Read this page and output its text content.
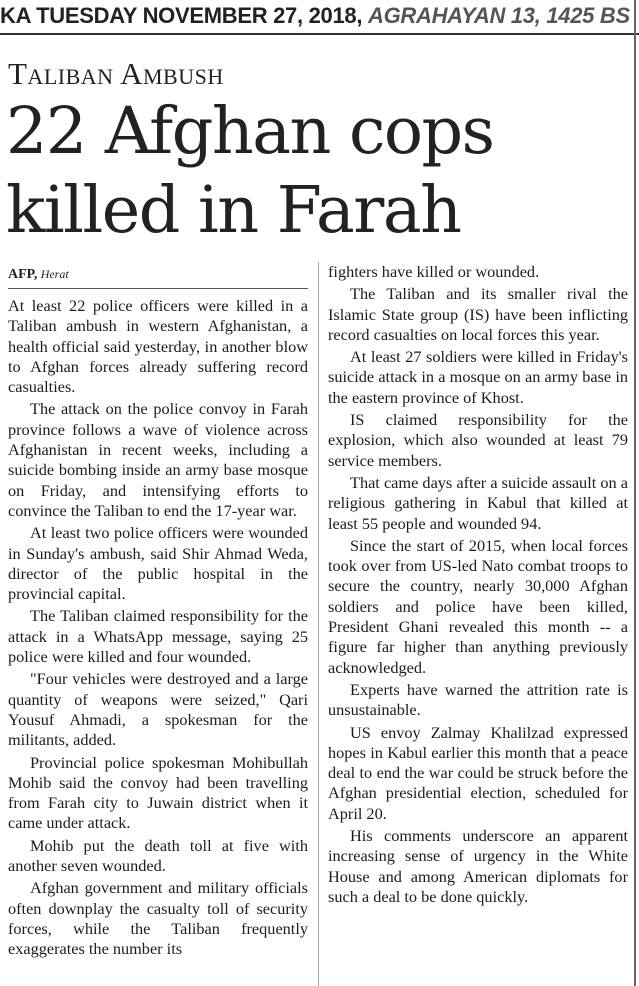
KA TUESDAY NOVEMBER 27, 2018, AGRAHAYAN 13, 1425 BS
Taliban Ambush
22 Afghan cops killed in Farah
AFP, Herat

At least 22 police officers were killed in a Taliban ambush in western Afghanistan, a health official said yesterday, in another blow to Afghan forces already suffering record casualties.

The attack on the police convoy in Farah province follows a wave of violence across Afghanistan in recent weeks, including a suicide bombing inside an army base mosque on Friday, and intensifying efforts to convince the Taliban to end the 17-year war.

At least two police officers were wounded in Sunday's ambush, said Shir Ahmad Weda, director of the public hospital in the provincial capital.

The Taliban claimed responsibility for the attack in a WhatsApp message, saying 25 police were killed and four wounded.

"Four vehicles were destroyed and a large quantity of weapons were seized," Qari Yousuf Ahmadi, a spokesman for the militants, added.

Provincial police spokesman Mohibullah Mohib said the convoy had been travelling from Farah city to Juwain district when it came under attack.

Mohib put the death toll at five with another seven wounded.

Afghan government and military officials often downplay the casualty toll of security forces, while the Taliban frequently exaggerates the number its

fighters have killed or wounded.

The Taliban and its smaller rival the Islamic State group (IS) have been inflicting record casualties on local forces this year.

At least 27 soldiers were killed in Friday's suicide attack in a mosque on an army base in the eastern province of Khost.

IS claimed responsibility for the explosion, which also wounded at least 79 service members.

That came days after a suicide assault on a religious gathering in Kabul that killed at least 55 people and wounded 94.

Since the start of 2015, when local forces took over from US-led Nato combat troops to secure the country, nearly 30,000 Afghan soldiers and police have been killed, President Ghani revealed this month -- a figure far higher than anything previously acknowledged.

Experts have warned the attrition rate is unsustainable.

US envoy Zalmay Khalilzad expressed hopes in Kabul earlier this month that a peace deal to end the war could be struck before the Afghan presidential election, scheduled for April 20.

His comments underscore an apparent increasing sense of urgency in the White House and among American diplomats for such a deal to be done quickly.
